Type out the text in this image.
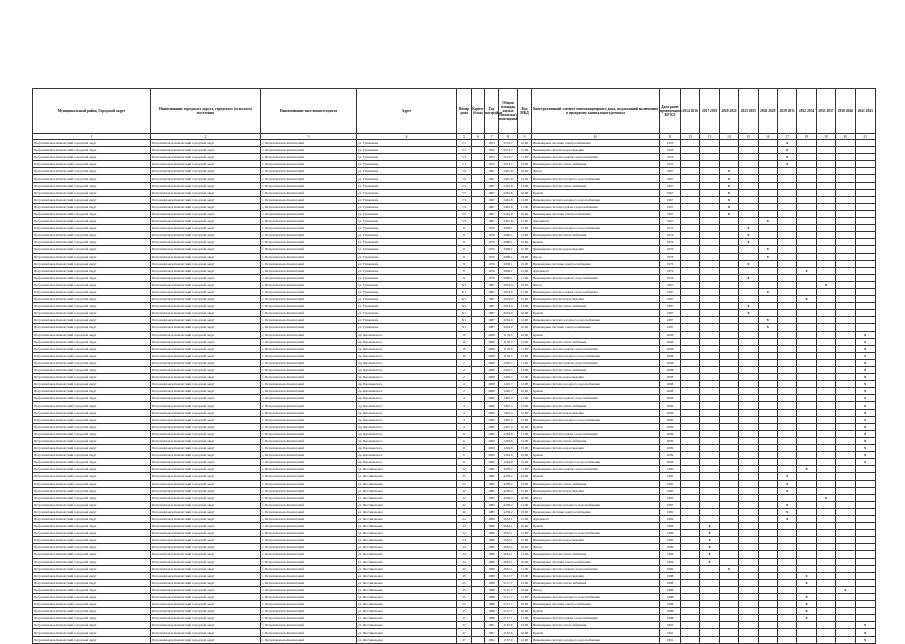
Муниципальный район, Городской округ	Наименование городского округа, городского (сельского) поселения	Наименование населенного пункта	Адрес	Номер дома	Корпус (блок)	Год постройки	Общая площадь жилых (нежилых) помещений	Код МКД	Конструктивный элемент многоквартирного дома, подлежащий включению в программу капитального ремонта	Дата ранее проведенного КР КЭ	2014 2016	2017 2019	2020 2022	2023 2025	2026 2028	2029 2031	2032 2034	2035 2037	2038 2040	2041 2043
1	2	3	4	5	6	7	8	9	10	11	12	13	14	15	16	17	18	19	20	21
Петропавловск-Камчатский городской округ	Петропавловск-Камчатский городской округ	г. Петропавловск-Камчатский	ул. Тушканова	7/1		1953	2574,7	10,00	Инженерные системы электроснабжения	1953						x				
Петропавловск-Камчатский городской округ	Петропавловск-Камчатский городской округ	г. Петропавловск-Камчатский	ул. Тушканова	7/1		1953	2574,7	15,00	Инженерная система водоотведения	1953						x				
Петропавловск-Камчатский городской округ	Петропавловск-Камчатский городской округ	г. Петропавловск-Камчатский	ул. Тушканова	7/1		1953	2574,7	11,00	Инженерная система горячего водоснабжения	1953						x				
Петропавловск-Камчатский городской округ	Петропавловск-Камчатский городской округ	г. Петропавловск-Камчатский	ул. Тушканова	7/1		1953	2574,7	13,00	Инженерная система теплоснабжения	1953						x				
Петропавловск-Камчатский городской округ	Петропавловск-Камчатский городской округ	г. Петропавловск-Камчатский	ул. Тушканова	7/2		1967	2461,8	19,00	Фасад	1967			x							
Петропавловск-Камчатский городской округ	Петропавловск-Камчатский городской округ	г. Петропавловск-Камчатский	ул. Тушканова	7/2		1967	2461,8	12,00	Инженерная система холодного водоснабжения	1967			x							
Петропавловск-Камчатский городской округ	Петропавловск-Камчатский городской округ	г. Петропавловск-Камчатский	ул. Тушканова	7/2		1967	2461,8	13,00	Инженерная система теплоснабжения	1967			x							
Петропавловск-Камчатский городской округ	Петропавловск-Камчатский городской округ	г. Петропавловск-Камчатский	ул. Тушканова	7/2		1967	2461,8	22,00	Крыша	1967			x							
Петропавловск-Камчатский городской округ	Петропавловск-Камчатский городской округ	г. Петропавловск-Камчатский	ул. Тушканова	7/2		1967	2461,8	12,00	Инженерная система холодного водоснабжения	1967			x							
Петропавловск-Камчатский городской округ	Петропавловск-Камчатский городской округ	г. Петропавловск-Камчатский	ул. Тушканова	7/2		1967	2461,8	11,00	Инженерная система горячего водоснабжения	1967			x							
Петропавловск-Камчатский городской округ	Петропавловск-Камчатский городской округ	г. Петропавловск-Камчатский	ул. Тушканова	7/2		1967	2461,8	10,00	Инженерные системы электроснабжения	1967			x							
Петропавловск-Камчатский городской округ	Петропавловск-Камчатский городской округ	г. Петропавловск-Камчатский	ул. Тушканова	7/2		1967	2461,8	21,00	Фундамент	1967					x					
Петропавловск-Камчатский городской округ	Петропавловск-Камчатский городской округ	г. Петропавловск-Камчатский	ул. Тушканова	8		1976	2098,1	12,00	Инженерная система холодного водоснабжения	1976				x						
Петропавловск-Камчатский городской округ	Петропавловск-Камчатский городской округ	г. Петропавловск-Камчатский	ул. Тушканова	8		1976	2098,1	13,00	Инженерная система теплоснабжения	1976				x						
Петропавловск-Камчатский городской округ	Петропавловск-Камчатский городской округ	г. Петропавловск-Камчатский	ул. Тушканова	8		1976	2098,1	22,00	Крыша	1976				x						
Петропавловск-Камчатский городской округ	Петропавловск-Камчатский городской округ	г. Петропавловск-Камчатский	ул. Тушканова	8		1976	2098,1	15,00	Инженерная система водоотведения	1976					x					
Петропавловск-Камчатский городской округ	Петропавловск-Камчатский городской округ	г. Петропавловск-Камчатский	ул. Тушканова	8		1976	2098,1	19,00	Фасад	1976					x					
Петропавловск-Камчатский городской округ	Петропавловск-Камчатский городской округ	г. Петропавловск-Камчатский	ул. Тушканова	8		1976	2098,1	10,00	Инженерные системы электроснабжения	1976				x						
Петропавловск-Камчатский городской округ	Петропавловск-Камчатский городской округ	г. Петропавловск-Камчатский	ул. Тушканова	8		1976	2098,1	21,00	Фундамент	1976							x			
Петропавловск-Камчатский городской округ	Петропавловск-Камчатский городской округ	г. Петропавловск-Камчатский	ул. Тушканова	8		1976	2098,1	11,00	Инженерная система горячего водоснабжения	1976				x						
Петропавловск-Камчатский городской округ	Петропавловск-Камчатский городской округ	г. Петропавловск-Камчатский	ул. Тушканова	8/1		1987	2034,9	19,00	Фасад	1987								x		
Петропавловск-Камчатский городской округ	Петропавловск-Камчатский городской округ	г. Петропавловск-Камчатский	ул. Тушканова	8/1		1987	2034,9	11,00	Инженерная система горячего водоснабжения	1987					x					
Петропавловск-Камчатский городской округ	Петропавловск-Камчатский городской округ	г. Петропавловск-Камчатский	ул. Тушканова	8/1		1987	2034,9	15,00	Инженерная система водоотведения	1987							x			
Петропавловск-Камчатский городской округ	Петропавловск-Камчатский городской округ	г. Петропавловск-Камчатский	ул. Тушканова	8/1		1987	2034,9	13,00	Инженерная система теплоснабжения	1987				x						
Петропавловск-Камчатский городской округ	Петропавловск-Камчатский городской округ	г. Петропавловск-Камчатский	ул. Тушканова	8/1		1987	2034,9	22,00	Крыша	1987				x						
Петропавловск-Камчатский городской округ	Петропавловск-Камчатский городской округ	г. Петропавловск-Камчатский	ул. Тушканова	8/1		1987	2034,9	12,00	Инженерная система холодного водоснабжения	1987					x					
Петропавловск-Камчатский городской округ	Петропавловск-Камчатский городской округ	г. Петропавловск-Камчатский	ул. Тушканова	8/1		1987	2034,9	10,00	Инженерные системы электроснабжения	1987					x					
Петропавловск-Камчатский городской округ	Петропавловск-Камчатский городской округ	г. Петропавловск-Камчатский	пр. Циолковского	10		2008	1176,5	22,00	Крыша	2008										x
Петропавловск-Камчатский городской округ	Петропавловск-Камчатский городской округ	г. Петропавловск-Камчатский	пр. Циолковского	10		2008	1176,5	13,00	Инженерная система теплоснабжения	2008										x
Петропавловск-Камчатский городской округ	Петропавловск-Камчатский городской округ	г. Петропавловск-Камчатский	пр. Циолковского	10		2008	1176,5	11,00	Инженерная система горячего водоснабжения	2008										x
Петропавловск-Камчатский городской округ	Петропавловск-Камчатский городской округ	г. Петропавловск-Камчатский	пр. Циолковского	10		2008	1176,5	12,00	Инженерная система холодного водоснабжения	2008										x
Петропавловск-Камчатский городской округ	Петропавловск-Камчатский городской округ	г. Петропавловск-Камчатский	пр. Циолковского	2		2008	1202,7	11,00	Инженерная система горячего водоснабжения	2008										x
Петропавловск-Камчатский городской округ	Петропавловск-Камчатский городской округ	г. Петропавловск-Камчатский	пр. Циолковского	2		2008	1202,7	13,00	Инженерная система теплоснабжения	2008										x
Петропавловск-Камчатский городской округ	Петропавловск-Камчатский городской округ	г. Петропавловск-Камчатский	пр. Циолковского	2		2008	1202,7	15,00	Инженерная система водоотведения	2008										x
Петропавловск-Камчатский городской округ	Петропавловск-Камчатский городской округ	г. Петропавловск-Камчатский	пр. Циолковского	2		2008	1202,7	12,00	Инженерная система холодного водоснабжения	2008										x
Петропавловск-Камчатский городской округ	Петропавловск-Камчатский городской округ	г. Петропавловск-Камчатский	пр. Циолковского	2		2008	1202,7	22,00	Крыша	2008										x
Петропавловск-Камчатский городской округ	Петропавловск-Камчатский городской округ	г. Петропавловск-Камчатский	пр. Циолковского	4		2009	1407,4	11,00	Инженерная система горячего водоснабжения	2009										x
Петропавловск-Камчатский городской округ	Петропавловск-Камчатский городской округ	г. Петропавловск-Камчатский	пр. Циолковского	4		2009	1407,4	13,00	Инженерная система теплоснабжения	2009										x
Петропавловск-Камчатский городской округ	Петропавловск-Камчатский городской округ	г. Петропавловск-Камчатский	пр. Циолковского	4		2009	1407,4	15,00	Инженерная система водоотведения	2009										x
Петропавловск-Камчатский городской округ	Петропавловск-Камчатский городской округ	г. Петропавловск-Камчатский	пр. Циолковского	4		2009	1407,4	12,00	Инженерная система холодного водоснабжения	2009										x
Петропавловск-Камчатский городской округ	Петропавловск-Камчатский городской округ	г. Петропавловск-Камчатский	пр. Циолковского	4		2009	1407,4	22,00	Крыша	2009										x
Петропавловск-Камчатский городской округ	Петропавловск-Камчатский городской округ	г. Петропавловск-Камчатский	пр. Циолковского	6		2009	1294,8	11,00	Инженерная система горячего водоснабжения	2009										x
Петропавловск-Камчатский городской округ	Петропавловск-Камчатский городской округ	г. Петропавловск-Камчатский	пр. Циолковского	6		2009	1294,8	13,00	Инженерная система теплоснабжения	2009										x
Петропавловск-Камчатский городской округ	Петропавловск-Камчатский городской округ	г. Петропавловск-Камчатский	пр. Циолковского	6		2009	1294,8	15,00	Инженерная система водоотведения	2009										x
Петропавловск-Камчатский городской округ	Петропавловск-Камчатский городской округ	г. Петропавловск-Камчатский	пр. Циолковского	6		2009	1294,8	22,00	Крыша	2009										x
Петропавловск-Камчатский городской округ	Петропавловск-Камчатский городской округ	г. Петропавловск-Камчатский	пр. Циолковского	6		2009	1294,8	12,00	Инженерная система холодного водоснабжения	2009										x
Петропавловск-Камчатский городской округ	Петропавловск-Камчатский городской округ	г. Петропавловск-Камчатский	ул. Фестивальная	22		1985	4238,2	11,00	Инженерная система горячего водоснабжения	1985							x			
Петропавловск-Камчатский городской округ	Петропавловск-Камчатский городской округ	г. Петропавловск-Камчатский	ул. Фестивальная	22		1985	4238,2	22,00	Крыша	1985						x				
Петропавловск-Камчатский городской округ	Петропавловск-Камчатский городской округ	г. Петропавловск-Камчатский	ул. Фестивальная	22		1985	4238,2	13,00	Инженерная система теплоснабжения	1985						x				
Петропавловск-Камчатский городской округ	Петропавловск-Камчатский городской округ	г. Петропавловск-Камчатский	ул. Фестивальная	22		1985	4238,2	15,00	Инженерная система водоотведения	1985						x				
Петропавловск-Камчатский городской округ	Петропавловск-Камчатский городской округ	г. Петропавловск-Камчатский	ул. Фестивальная	22		1985	4238,2	19,00	Фасад	1985								x		
Петропавловск-Камчатский городской округ	Петропавловск-Камчатский городской округ	г. Петропавловск-Камчатский	ул. Фестивальная	22		1985	4238,2	12,00	Инженерная система холодного водоснабжения	1985						x				
Петропавловск-Камчатский городской округ	Петропавловск-Камчатский городской округ	г. Петропавловск-Камчатский	ул. Фестивальная	22		1985	4238,2	10,00	Инженерные системы электроснабжения	1985						x				
Петропавловск-Камчатский городской округ	Петропавловск-Камчатский городской округ	г. Петропавловск-Камчатский	ул. Фестивальная	24		1969	2052,1	21,00	Фундамент	1969						x				
Петропавловск-Камчатский городской округ	Петропавловск-Камчатский городской округ	г. Петропавловск-Камчатский	ул. Фестивальная	24		1969	2052,1	22,00	Крыша	1969		x								
Петропавловск-Камчатский городской округ	Петропавловск-Камчатский городской округ	г. Петропавловск-Камчатский	ул. Фестивальная	24		1969	2052,1	12,00	Инженерная система холодного водоснабжения	1969		x								
Петропавловск-Камчатский городской округ	Петропавловск-Камчатский городской округ	г. Петропавловск-Камчатский	ул. Фестивальная	24		1969	2052,1	15,00	Инженерная система водоотведения	1969		x								
Петропавловск-Камчатский городской округ	Петропавловск-Камчатский городской округ	г. Петропавловск-Камчатский	ул. Фестивальная	24		1969	2052,1	19,00	Фасад	1969		x								
Петропавловск-Камчатский городской округ	Петропавловск-Камчатский городской округ	г. Петропавловск-Камчатский	ул. Фестивальная	24		1969	2052,1	13,00	Инженерная система теплоснабжения	1969		x								
Петропавловск-Камчатский городской округ	Петропавловск-Камчатский городской округ	г. Петропавловск-Камчатский	ул. Фестивальная	24		1969	2052,1	10,00	Инженерные системы электроснабжения	1969		x								
Петропавловск-Камчатский городской округ	Петропавловск-Камчатский городской округ	г. Петропавловск-Камчатский	ул. Фестивальная	24		1969	2052,1	11,00	Инженерная система горячего водоснабжения	1969			x							
Петропавловск-Камчатский городской округ	Петропавловск-Камчатский городской округ	г. Петропавловск-Камчатский	ул. Фестивальная	25		1988	5117,7	15,00	Инженерная система водоотведения	1988							x			
Петропавловск-Камчатский городской округ	Петропавловск-Камчатский городской округ	г. Петропавловск-Камчатский	ул. Фестивальная	25		1988	5117,7	13,00	Инженерная система теплоснабжения	1988							x			
Петропавловск-Камчатский городской округ	Петропавловск-Камчатский городской округ	г. Петропавловск-Камчатский	ул. Фестивальная	25		1988	5117,7	19,00	Фасад	1988									x	
Петропавловск-Камчатский городской округ	Петропавловск-Камчатский городской округ	г. Петропавловск-Камчатский	ул. Фестивальная	25		1988	5117,7	12,00	Инженерная система холодного водоснабжения	1988							x			
Петропавловск-Камчатский городской округ	Петропавловск-Камчатский городской округ	г. Петропавловск-Камчатский	ул. Фестивальная	25		1988	5117,7	10,00	Инженерные системы электроснабжения	1988							x			
Петропавловск-Камчатский городской округ	Петропавловск-Камчатский городской округ	г. Петропавловск-Камчатский	ул. Фестивальная	25		1988	5117,7	22,00	Крыша	1988							x			
Петропавловск-Камчатский городской округ	Петропавловск-Камчатский городской округ	г. Петропавловск-Камчатский	ул. Фестивальная	25		1988	5117,7	11,00	Инженерная система горячего водоснабжения	1988							x			
Петропавловск-Камчатский городской округ	Петропавловск-Камчатский городской округ	г. Петропавловск-Камчатский	ул. Фестивальная	27		1991	1167,0	13,00	Инженерная система теплоснабжения	1991										x
Петропавловск-Камчатский городской округ	Петропавловск-Камчатский городской округ	г. Петропавловск-Камчатский	ул. Фестивальная	27		1991	1167,0	22,00	Крыша	1991										x
Петропавловск-Камчатский городской округ	Петропавловск-Камчатский городской округ	г. Петропавловск-Камчатский	ул. Фестивальная	27		1991	1167,0	12,00	Инженерная система холодного водоснабжения	1991										x
